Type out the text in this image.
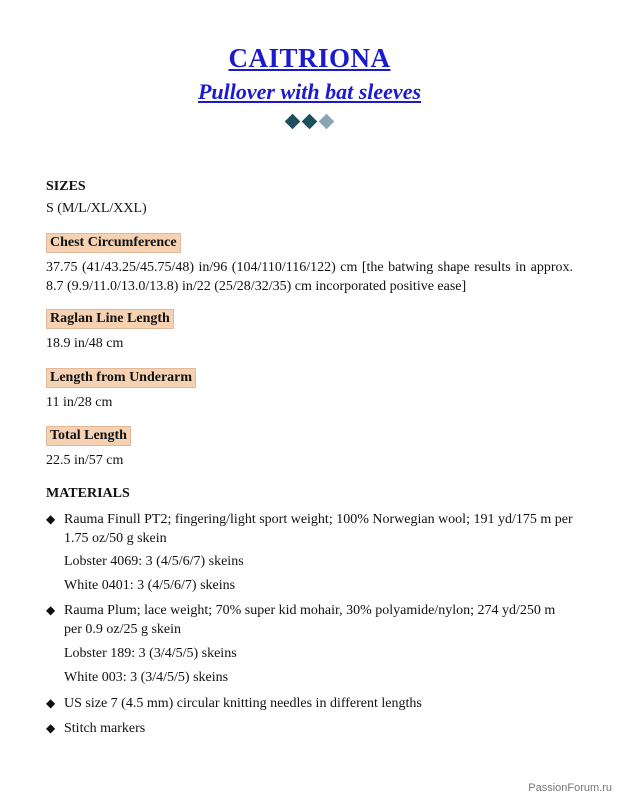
CAITRIONA
Pullover with bat sleeves
SIZES
S (M/L/XL/XXL)
Chest Circumference
37.75 (41/43.25/45.75/48) in/96 (104/110/116/122) cm [the batwing shape results in approx. 8.7 (9.9/11.0/13.0/13.8) in/22 (25/28/32/35) cm incorporated positive ease]
Raglan Line Length
18.9 in/48 cm
Length from Underarm
11 in/28 cm
Total Length
22.5 in/57 cm
MATERIALS
◆ Rauma Finull PT2; fingering/light sport weight; 100% Norwegian wool; 191 yd/175 m per 1.75 oz/50 g skein
Lobster 4069: 3 (4/5/6/7) skeins
White 0401: 3 (4/5/6/7) skeins
◆ Rauma Plum; lace weight; 70% super kid mohair, 30% polyamide/nylon; 274 yd/250 m per 0.9 oz/25 g skein
Lobster 189: 3 (3/4/5/5) skeins
White 003: 3 (3/4/5/5) skeins
◆ US size 7 (4.5 mm) circular knitting needles in different lengths
◆ Stitch markers
PassionForum.ru
